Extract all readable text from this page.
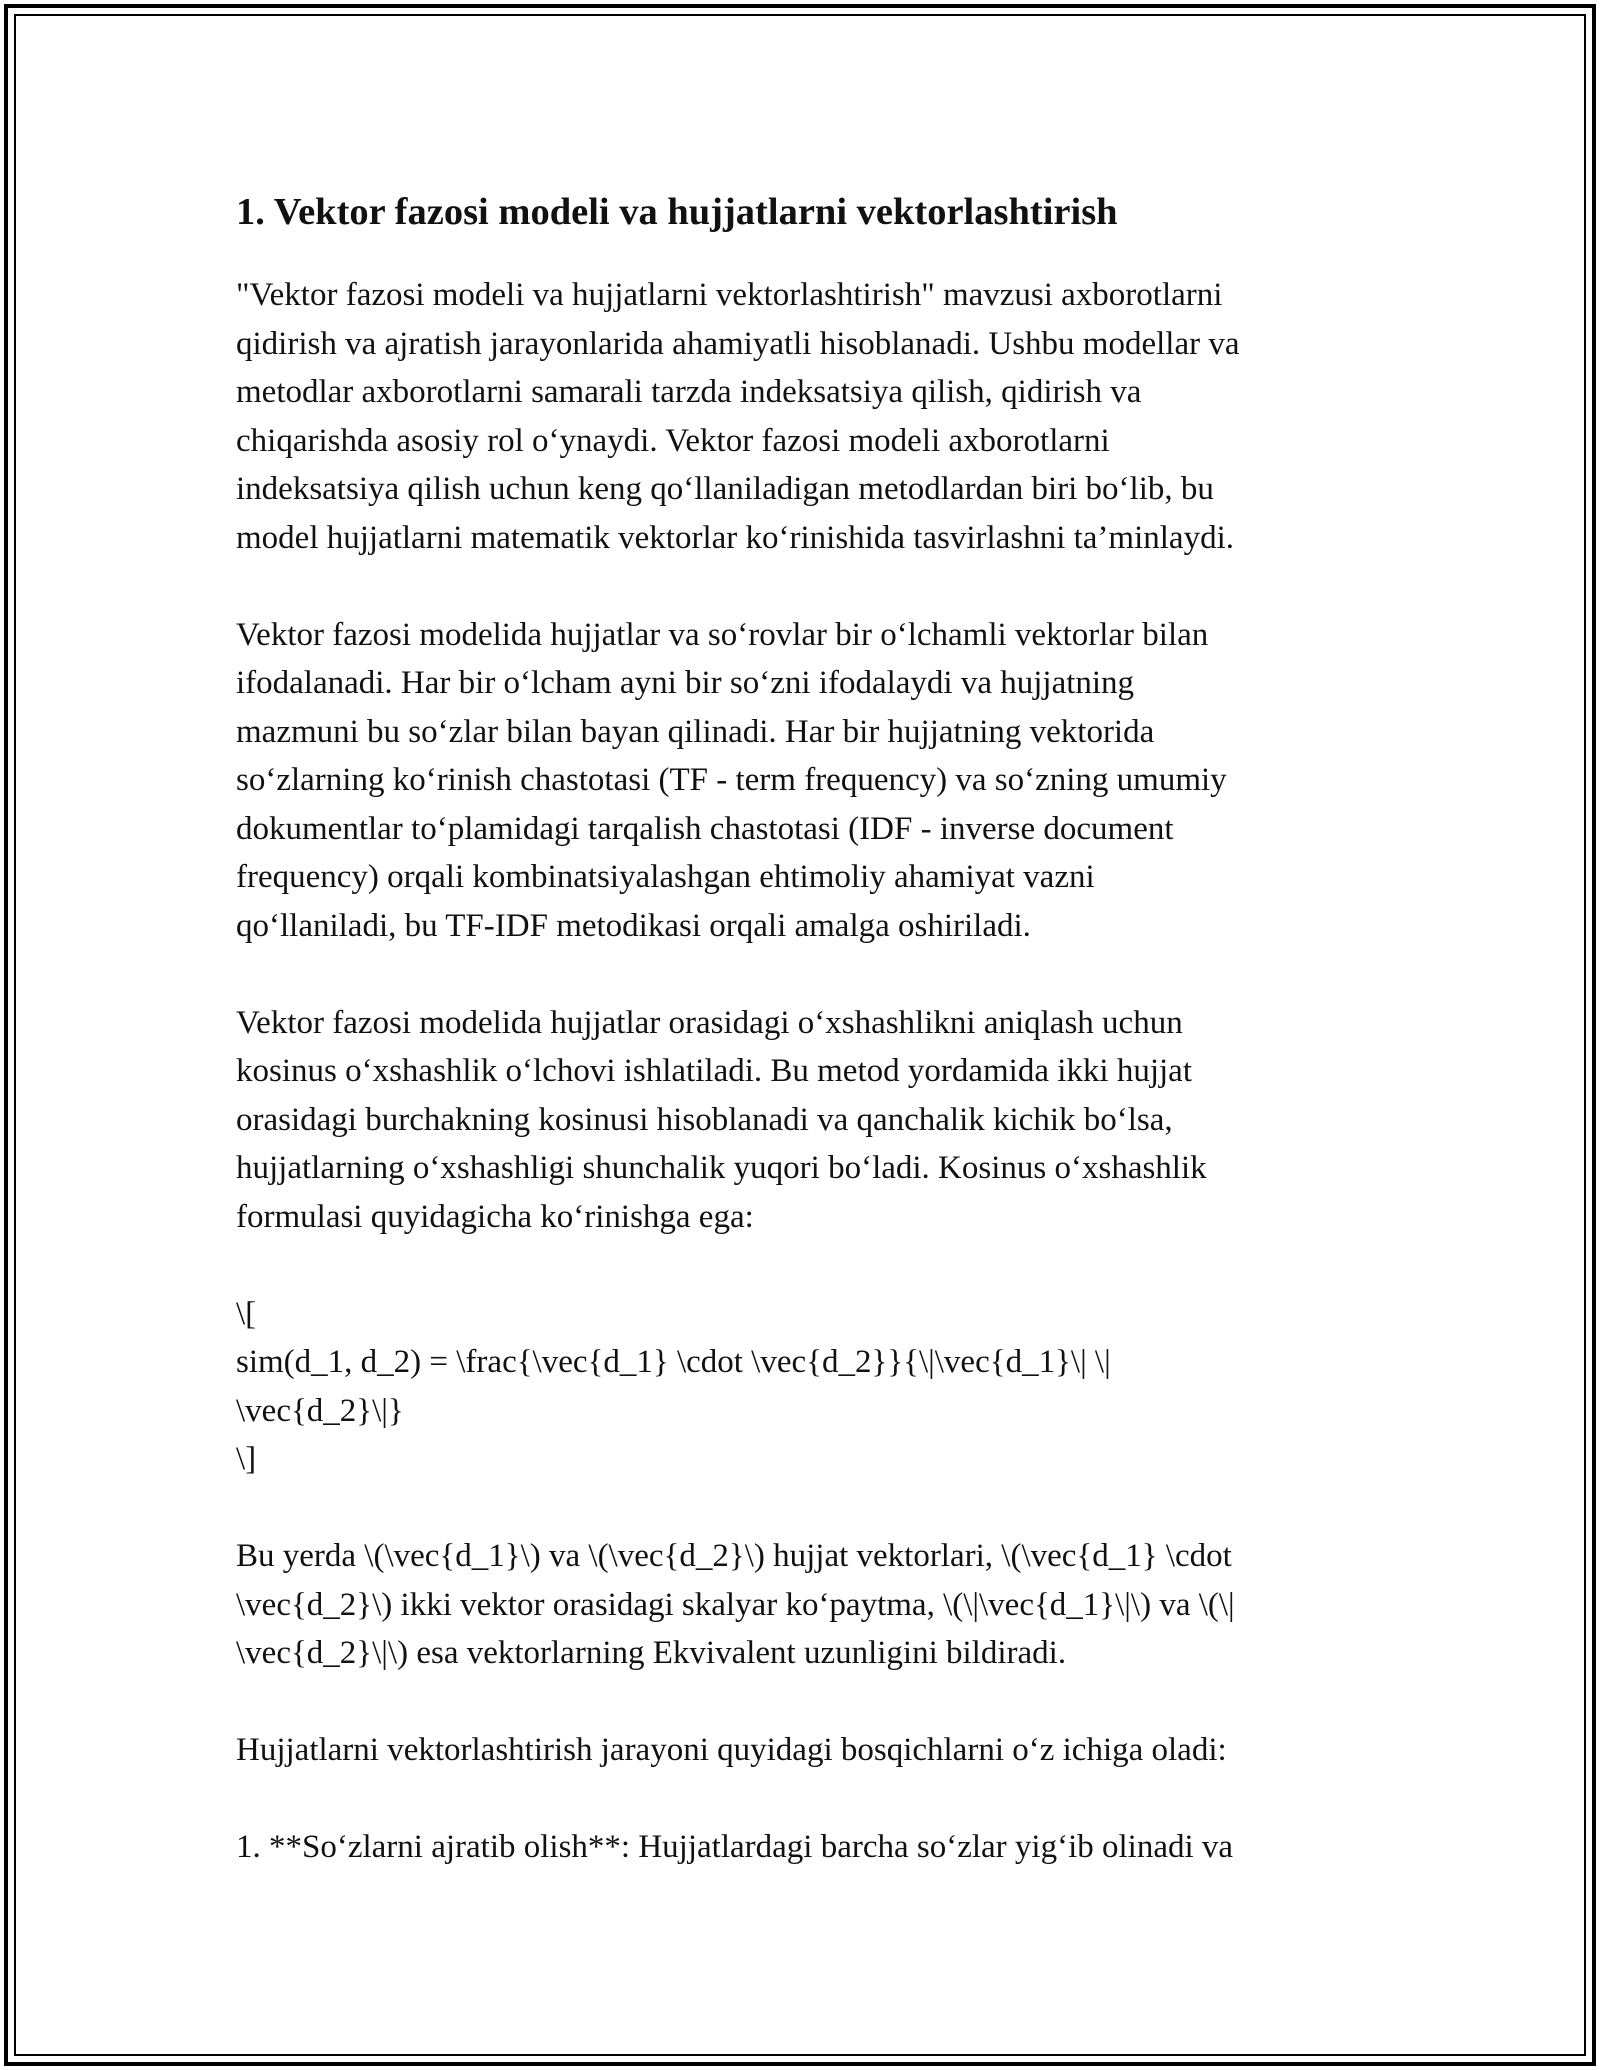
1. Vektor fazosi modeli va hujjatlarni vektorlashtirish
"Vektor fazosi modeli va hujjatlarni vektorlashtirish" mavzusi axborotlarni
qidirish va ajratish jarayonlarida ahamiyatli hisoblanadi. Ushbu modellar va
metodlar axborotlarni samarali tarzda indeksatsiya qilish, qidirish va
chiqarishda asosiy rol o‘ynaydi. Vektor fazosi modeli axborotlarni
indeksatsiya qilish uchun keng qo‘llaniladigan metodlardan biri bo‘lib, bu
model hujjatlarni matematik vektorlar ko‘rinishida tasvirlashni ta’minlaydi.
Vektor fazosi modelida hujjatlar va so‘rovlar bir o‘lchamli vektorlar bilan
ifodalanadi. Har bir o‘lcham ayni bir so‘zni ifodalaydi va hujjatning
mazmuni bu so‘zlar bilan bayan qilinadi. Har bir hujjatning vektorida
so‘zlarning ko‘rinish chastotasi (TF - term frequency) va so‘zning umumiy
dokumentlar to‘plamidagi tarqalish chastotasi (IDF - inverse document
frequency) orqali kombinatsiyalashgan ehtimoliy ahamiyat vazni
qo‘llaniladi, bu TF-IDF metodikasi orqali amalga oshiriladi.
Vektor fazosi modelida hujjatlar orasidagi o‘xshashlikni aniqlash uchun
kosinus o‘xshashlik o‘lchovi ishlatiladi. Bu metod yordamida ikki hujjat
orasidagi burchakning kosinusi hisoblanadi va qanchalik kichik bo‘lsa,
hujjatlarning o‘xshashligi shunchalik yuqori bo‘ladi. Kosinus o‘xshashlik
formulasi quyidagicha ko‘rinishga ega:
\[
sim(d_1, d_2) = \frac{\vec{d_1} \cdot \vec{d_2}}{\|\vec{d_1}\| \|
\vec{d_2}\|}
\]
Bu yerda \(\vec{d_1}\) va \(\vec{d_2}\) hujjat vektorlari, \(\vec{d_1} \cdot
\vec{d_2}\) ikki vektor orasidagi skalyar ko‘paytma, \(\|\vec{d_1}\|\) va \(\|
\vec{d_2}\|\) esa vektorlarning Ekvivalent uzunligini bildiradi.
Hujjatlarni vektorlashtirish jarayoni quyidagi bosqichlarni o‘z ichiga oladi:
1. **So‘zlarni ajratib olish**: Hujjatlardagi barcha so‘zlar yig‘ib olinadi va
